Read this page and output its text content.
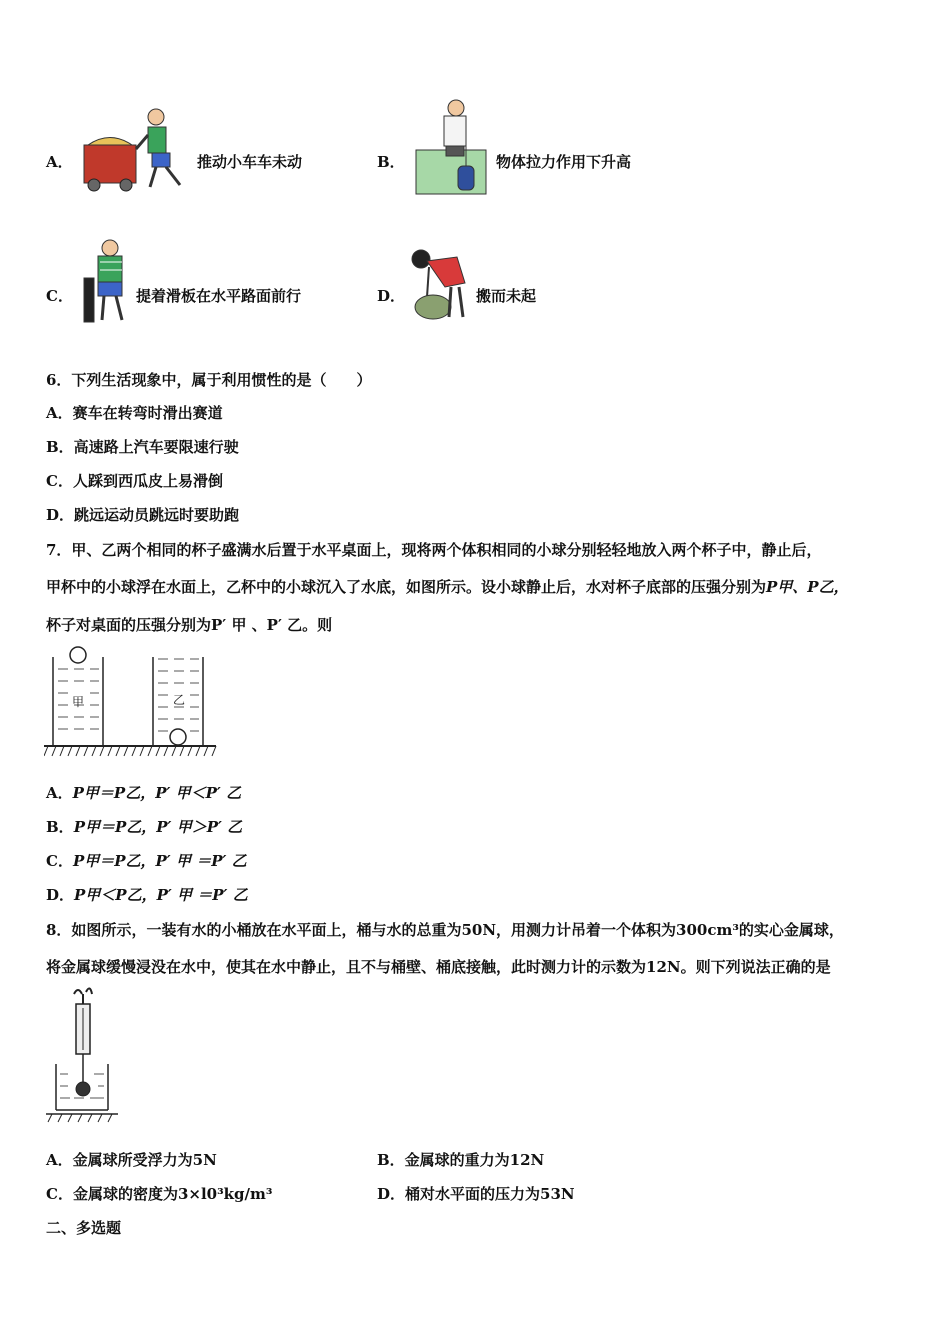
A．	推动小车车未动	B．	物体拉力作用下升高
C．	提着滑板在水平路面前行	D．	搬而未起
6．下列生活现象中，属于利用惯性的是（　　）
A．赛车在转弯时滑出赛道
B．高速路上汽车要限速行驶
C．人踩到西瓜皮上易滑倒
D．跳远运动员跳远时要助跑
7．甲、乙两个相同的杯子盛满水后置于水平桌面上，现将两个体积相同的小球分别轻轻地放入两个杯子中，静止后，
甲杯中的小球浮在水面上，乙杯中的小球沉入了水底，如图所示。设小球静止后，水对杯子底部的压强分别为P甲、P乙，
杯子对桌面的压强分别为P′ 甲 、P′ 乙。则
甲	乙
A．P甲＝P乙，P′ 甲＜P′ 乙
B．P甲＝P乙，P′ 甲＞P′ 乙
C．P甲＝P乙，P′ 甲 ＝P′ 乙
D．P甲＜P乙，P′ 甲 ＝P′ 乙
8．如图所示，一装有水的小桶放在水平面上，桶与水的总重为50N，用测力计吊着一个体积为300cm³的实心金属球，
将金属球缓慢浸没在水中，使其在水中静止，且不与桶壁、桶底接触，此时测力计的示数为12N。则下列说法正确的是
A．金属球所受浮力为5N	B．金属球的重力为12N
C．金属球的密度为3×l0³kg/m³	D．桶对水平面的压力为53N
二、多选题
